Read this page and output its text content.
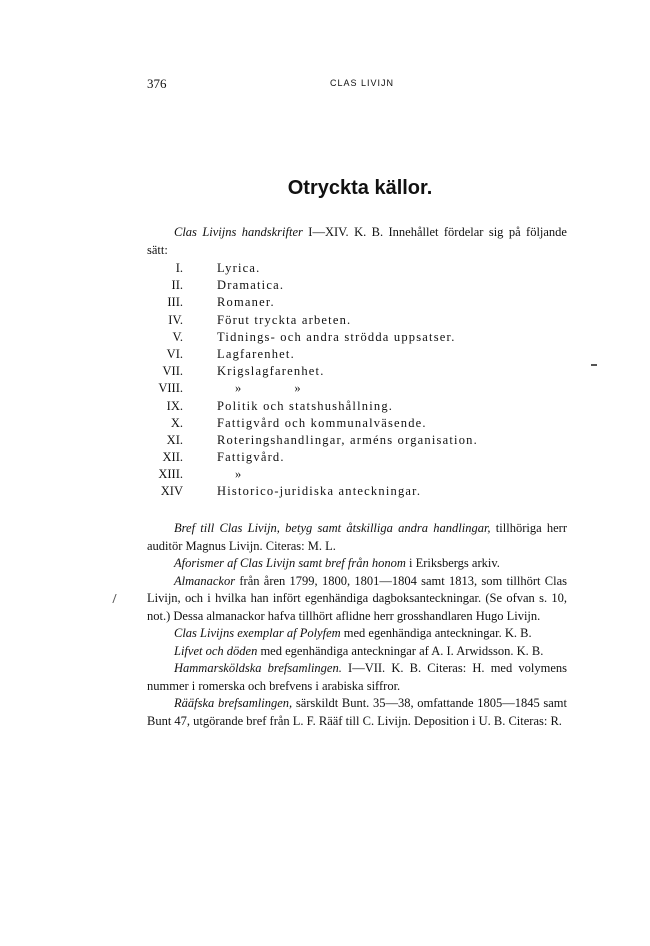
376	CLAS LIVIJN
Otryckta källor.

Clas Livijns handskrifter I—XIV. K. B. Innehållet fördelar sig på följande sätt:

I.	Lyrica.
II.	Dramatica.
III.	Romaner.
IV.	Förut tryckta arbeten.
V.	Tidnings- och andra strödda uppsatser.
VI.	Lagfarenhet.
VII.	Krigslagfarenhet.
VIII.	»            »
IX.	Politik och statshushållning.
X.	Fattigvård och kommunalväsende.
XI.	Roteringshandlingar, arméns organisation.
XII.	Fattigvård.
XIII.	»
XIV	Historico-juridiska anteckningar.

Bref till Clas Livijn, betyg samt åtskilliga andra handlingar, tillhöriga herr auditör Magnus Livijn. Citeras: M. L.

Aforismer af Clas Livijn samt bref från honom i Eriksbergs arkiv.

Almanackor från åren 1799, 1800, 1801—1804 samt 1813, som tillhört Clas Livijn, och i hvilka han infört egenhändiga dagboksanteckningar. (Se ofvan s. 10, not.) Dessa almanackor hafva tillhört aflidne herr grosshandlaren Hugo Livijn.

Clas Livijns exemplar af Polyfem med egenhändiga anteckningar. K. B.

Lifvet och döden med egenhändiga anteckningar af A. I. Arwidsson. K. B.

Hammarsköldska brefsamlingen. I—VII. K. B. Citeras: H. med volymens nummer i romerska och brefvens i arabiska siffror.

Rääfska brefsamlingen, särskildt Bunt. 35—38, omfattande 1805—1845 samt Bunt 47, utgörande bref från L. F. Rääf till C. Livijn. Deposition i U. B. Citeras: R.
